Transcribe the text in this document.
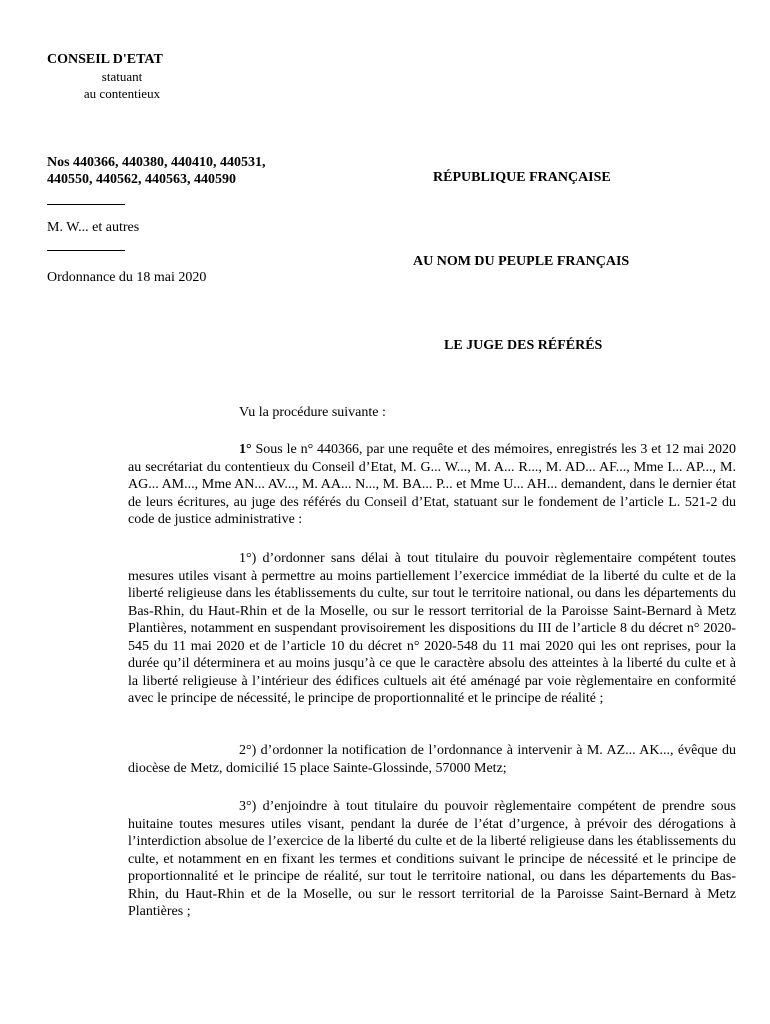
CONSEIL D'ETAT
statuant
au contentieux
Nos 440366, 440380, 440410, 440531,
440550, 440562, 440563, 440590	RÉPUBLIQUE FRANÇAISE
M. W... et autres
AU NOM DU PEUPLE FRANÇAIS
Ordonnance du 18 mai 2020
LE JUGE DES RÉFÉRÉS
Vu la procédure suivante :
1° Sous le n° 440366, par une requête et des mémoires, enregistrés les 3 et 12 mai 2020 au secrétariat du contentieux du Conseil d’Etat, M. G... W..., M. A... R..., M. AD... AF..., Mme I... AP..., M. AG... AM..., Mme AN... AV..., M. AA... N..., M. BA... P... et Mme U... AH... demandent, dans le dernier état de leurs écritures, au juge des référés du Conseil d’Etat, statuant sur le fondement de l’article L. 521-2 du code de justice administrative :
1°) d’ordonner sans délai à tout titulaire du pouvoir règlementaire compétent toutes mesures utiles visant à permettre au moins partiellement l’exercice immédiat de la liberté du culte et de la liberté religieuse dans les établissements du culte, sur tout le territoire national, ou dans les départements du Bas-Rhin, du Haut-Rhin et de la Moselle, ou sur le ressort territorial de la Paroisse Saint-Bernard à Metz Plantières, notamment en suspendant provisoirement les dispositions du III de l’article 8 du décret n° 2020-545 du 11 mai 2020 et de l’article 10 du décret n° 2020-548 du 11 mai 2020 qui les ont reprises, pour la durée qu’il déterminera et au moins jusqu’à ce que le caractère absolu des atteintes à la liberté du culte et à la liberté religieuse à l’intérieur des édifices cultuels ait été aménagé par voie règlementaire en conformité avec le principe de nécessité, le principe de proportionnalité et le principe de réalité ;
2°) d’ordonner la notification de l’ordonnance à intervenir à M. AZ... AK..., évêque du diocèse de Metz, domicilié 15 place Sainte-Glossinde, 57000 Metz;
3°) d’enjoindre à tout titulaire du pouvoir règlementaire compétent de prendre sous huitaine toutes mesures utiles visant, pendant la durée de l’état d’urgence, à prévoir des dérogations à l’interdiction absolue de l’exercice de la liberté du culte et de la liberté religieuse dans les établissements du culte, et notamment en en fixant les termes et conditions suivant le principe de nécessité et le principe de proportionnalité et le principe de réalité, sur tout le territoire national, ou dans les départements du Bas-Rhin, du Haut-Rhin et de la Moselle, ou sur le ressort territorial de la Paroisse Saint-Bernard à Metz Plantières ;
